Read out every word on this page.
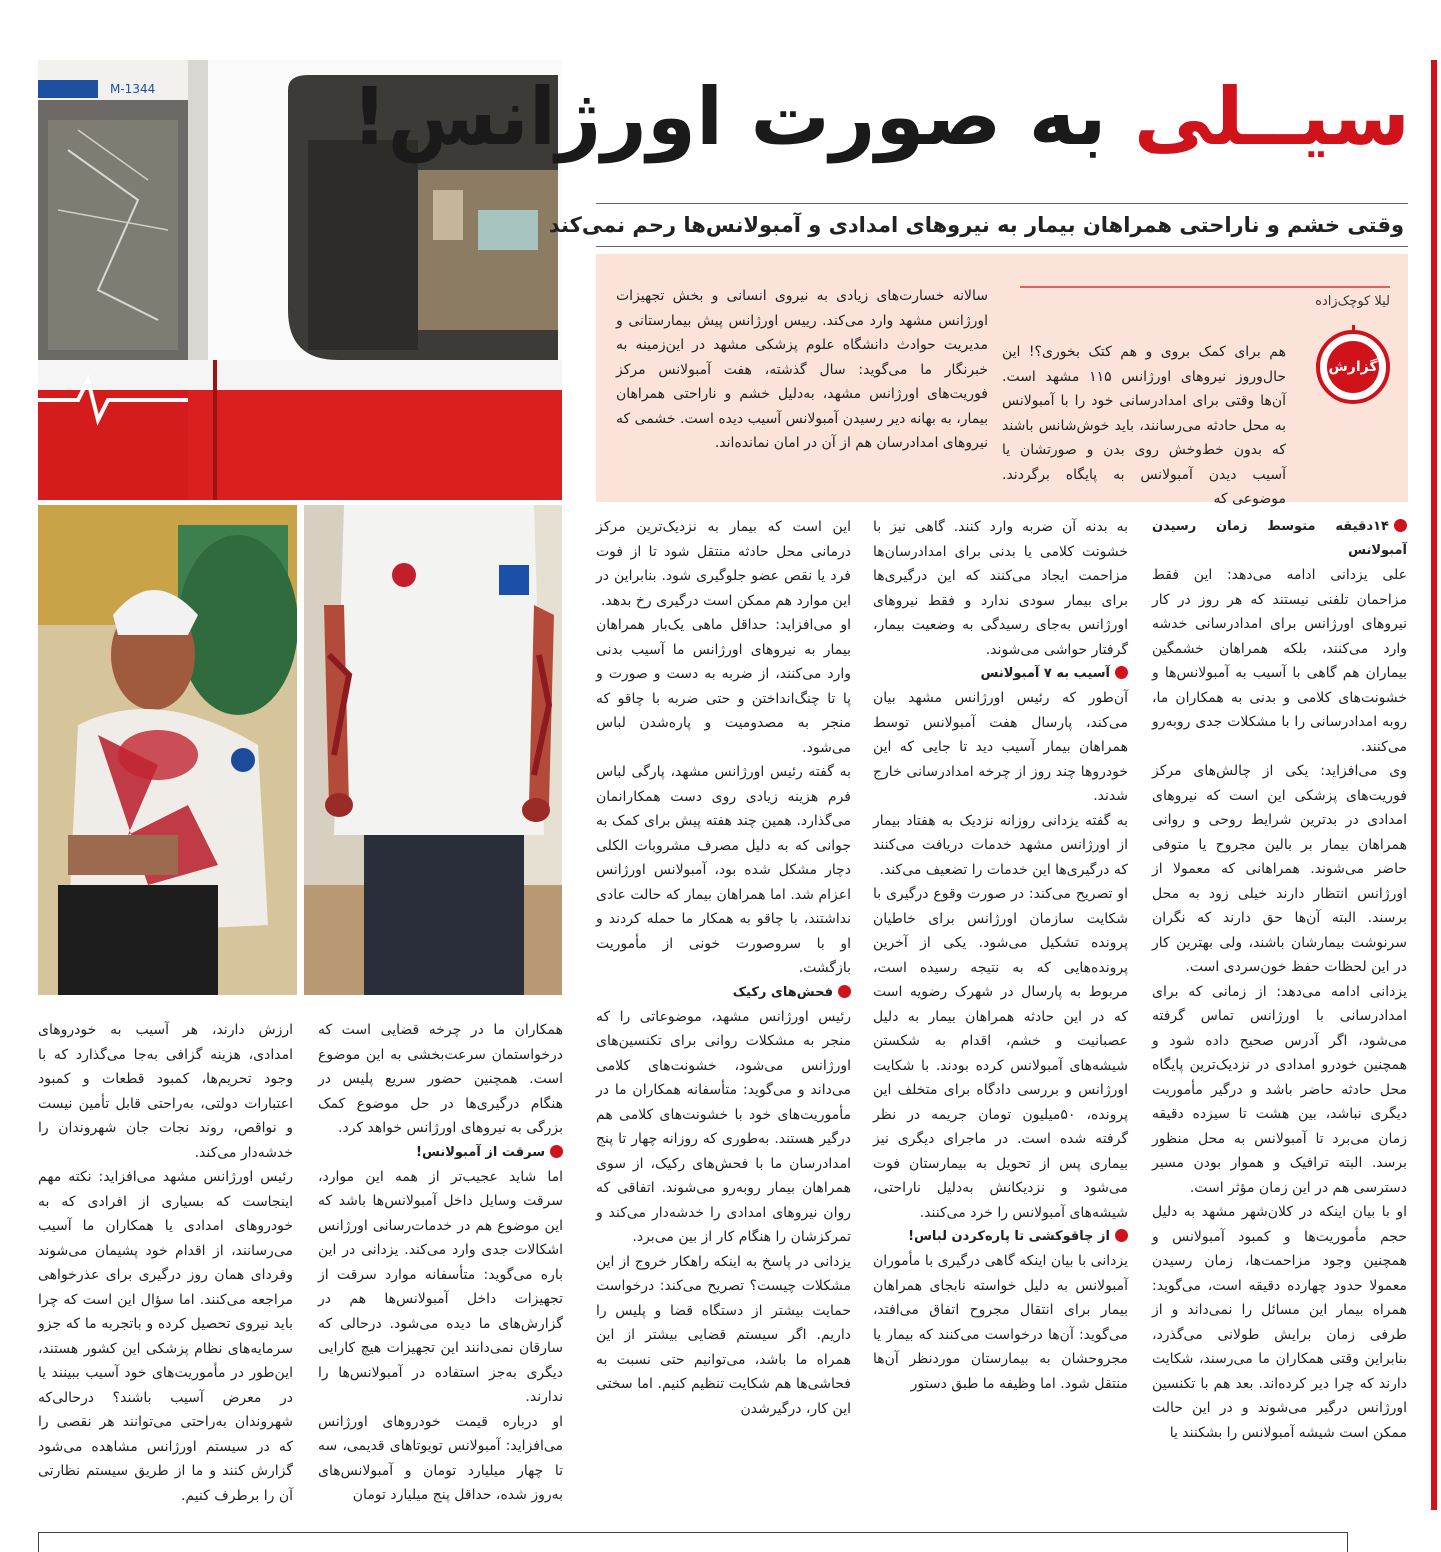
M-1344	سیــلی به صورت اورژانس!
وقتی خشم و ناراحتی همراهان بیمار به نیروهای امدادی و آمبولانس‌ها رحم نمی‌کند
لیلا کوچک‌زاده
گزارش

هم برای کمک بروی و هم کتک بخوری؟! این حال‌وروز نیروهای اورژانس ۱۱۵ مشهد است. آن‌ها وقتی برای امدادرسانی خود را با آمبولانس به محل حادثه می‌رسانند، باید خوش‌شانس باشند که بدون خط‌وخش روی بدن و صورتشان یا آسیب دیدن آمبولانس به پایگاه برگردند. موضوعی که

سالانه خسارت‌های زیادی به نیروی انسانی و بخش تجهیزات اورژانس مشهد وارد می‌کند. رییس اورژانس پیش بیمارستانی و مدیریت حوادث دانشگاه علوم پزشکی مشهد در این‌زمینه به خبرنگار ما می‌گوید: سال گذشته، هفت آمبولانس مرکز فوریت‌های اورژانس مشهد، به‌دلیل خشم و ناراحتی همراهان بیمار، به بهانه دیر رسیدن آمبولانس آسیب دیده است. خشمی که نیروهای امدادرسان هم از آن در امان نمانده‌اند.

۱۴دقیقه متوسط زمان رسیدن آمبولانس

علی یزدانی ادامه می‌دهد: این فقط مزاحمان تلفنی نیستند که هر روز در کار نیروهای اورژانس برای امدادرسانی خدشه وارد می‌کنند، بلکه همراهان خشمگین بیماران هم گاهی با آسیب به آمبولانس‌ها و خشونت‌های کلامی و بدنی به همکاران ما، روبه امدادرسانی را با مشکلات جدی روبه‌رو می‌کنند.

وی می‌افزاید: یکی از چالش‌های مرکز فوریت‌های پزشکی این است که نیروهای امدادی در بدترین شرایط روحی و روانی همراهان بیمار بر بالین مجروح یا متوفی حاضر می‌شوند. همراهانی که معمولا از اورژانس انتظار دارند خیلی زود به محل برسند. البته آن‌ها حق دارند که نگران سرنوشت بیمارشان باشند، ولی بهترین کار در این لحظات حفظ خون‌سردی است.

یزدانی ادامه می‌دهد: از زمانی که برای امدادرسانی با اورژانس تماس گرفته می‌شود، اگر آدرس صحیح داده شود و همچنین خودرو امدادی در نزدیک‌ترین پایگاه محل حادثه حاضر باشد و درگیر مأموریت دیگری نباشد، بین هشت تا سیزده دقیقه زمان می‌برد تا آمبولانس به محل منظور برسد. البته ترافیک و هموار بودن مسیر دسترسی هم در این زمان مؤثر است.

او با بیان اینکه در کلان‌شهر مشهد به دلیل حجم مأموریت‌ها و کمبود آمبولانس و همچنین وجود مزاحمت‌ها، زمان رسیدن معمولا حدود چهارده دقیقه است، می‌گوید: همراه بیمار این مسائل را نمی‌داند و از طرفی زمان برایش طولانی می‌گذرد، بنابراین وقتی همکاران ما می‌رسند، شکایت دارند که چرا دیر کرده‌اند. بعد هم با تکنسین اورژانس درگیر می‌شوند و در این حالت ممکن است شیشه آمبولانس را بشکنند یا

به بدنه آن ضربه وارد کنند. گاهی نیز با خشونت کلامی یا بدنی برای امدادرسان‌ها مزاحمت ایجاد می‌کنند که این درگیری‌ها برای بیمار سودی ندارد و فقط نیروهای اورژانس به‌جای رسیدگی به وضعیت بیمار، گرفتار حواشی می‌شوند.

آسیب به ۷ آمبولانس

آن‌طور که رئیس اورژانس مشهد بیان می‌کند، پارسال هفت آمبولانس توسط همراهان بیمار آسیب دید تا جایی که این خودروها چند روز از چرخه امدادرسانی خارج شدند.

به گفته یزدانی روزانه نزدیک به هفتاد بیمار از اورژانس مشهد خدمات دریافت می‌کنند که درگیری‌ها این خدمات را تضعیف می‌کند.

او تصریح می‌کند: در صورت وقوع درگیری با شکایت سازمان اورژانس برای خاطیان پرونده تشکیل می‌شود. یکی از آخرین پرونده‌هایی که به نتیجه رسیده است، مربوط به پارسال در شهرک رضویه است که در این حادثه همراهان بیمار به دلیل عصبانیت و خشم، اقدام به شکستن شیشه‌های آمبولانس کرده بودند. با شکایت اورژانس و بررسی دادگاه برای متخلف این پرونده، ۵۰میلیون تومان جریمه در نظر گرفته شده است. در ماجرای دیگری نیز بیماری پس از تحویل به بیمارستان فوت می‌شود و نزدیکانش به‌دلیل ناراحتی، شیشه‌های آمبولانس را خرد می‌کنند.

از چاقوکشی تا پاره‌کردن لباس!

یزدانی با بیان اینکه گاهی درگیری با مأموران آمبولانس به دلیل خواسته نابجای همراهان بیمار برای انتقال مجروح اتفاق می‌افتد، می‌گوید: آن‌ها درخواست می‌کنند که بیمار یا مجروحشان به بیمارستان موردنظر آن‌ها منتقل شود. اما وظیفه ما طبق دستور

این است که بیمار به نزدیک‌ترین مرکز درمانی محل حادثه منتقل شود تا از فوت فرد یا نقص عضو جلوگیری شود. بنابراین در این موارد هم ممکن است درگیری رخ بدهد.

او می‌افزاید: حداقل ماهی یک‌بار همراهان بیمار به نیروهای اورژانس ما آسیب بدنی وارد می‌کنند، از ضربه به دست و صورت و پا تا چنگ‌انداختن و حتی ضربه با چاقو که منجر به مصدومیت و پاره‌شدن لباس می‌شود.

به گفته رئیس اورژانس مشهد، پارگی لباس فرم هزینه زیادی روی دست همکارانمان می‌گذارد. همین چند هفته پیش برای کمک به جوانی که به دلیل مصرف مشروبات الکلی دچار مشکل شده بود، آمبولانس اورژانس اعزام شد. اما همراهان بیمار که حالت عادی نداشتند، با چاقو به همکار ما حمله کردند و او با سروصورت خونی از مأموریت بازگشت.

فحش‌های رکیک

رئیس اورژانس مشهد، موضوعاتی را که منجر به مشکلات روانی برای تکنسین‌های اورژانس می‌شود، خشونت‌های کلامی می‌داند و می‌گوید: متأسفانه همکاران ما در مأموریت‌های خود با خشونت‌های کلامی هم درگیر هستند. به‌طوری که روزانه چهار تا پنج امدادرسان ما با فحش‌های رکیک، از سوی همراهان بیمار روبه‌رو می‌شوند. اتفاقی که روان نیروهای امدادی را خدشه‌دار می‌کند و تمرکزشان را هنگام کار از بین می‌برد.

یزدانی در پاسخ به اینکه راهکار خروج از این مشکلات چیست؟ تصریح می‌کند: درخواست حمایت بیشتر از دستگاه قضا و پلیس را داریم. اگر سیستم قضایی بیشتر از این همراه ما باشد، می‌توانیم حتی نسبت به فحاشی‌ها هم شکایت تنظیم کنیم. اما سختی این کار، درگیرشدن

همکاران ما در چرخه قضایی است که درخواستمان سرعت‌بخشی به این موضوع است. همچنین حضور سریع پلیس در هنگام درگیری‌ها در حل موضوع کمک بزرگی به نیروهای اورژانس خواهد کرد.

سرقت از آمبولانس!

اما شاید عجیب‌تر از همه این موارد، سرقت وسایل داخل آمبولانس‌ها باشد که این موضوع هم در خدمات‌رسانی اورژانس اشکالات جدی وارد می‌کند. یزدانی در این باره می‌گوید: متأسفانه موارد سرقت از تجهیزات داخل آمبولانس‌ها هم در گزارش‌های ما دیده می‌شود. درحالی که سارقان نمی‌دانند این تجهیزات هیچ کارایی دیگری به‌جز استفاده در آمبولانس‌ها را ندارند.

او درباره قیمت خودروهای اورژانس می‌افزاید: آمبولانس تویوتاهای قدیمی، سه تا چهار میلیارد تومان و آمبولانس‌های به‌روز شده، حداقل پنج میلیارد تومان

ارزش دارند، هر آسیب به خودروهای امدادی، هزینه گزافی به‌جا می‌گذارد که با وجود تحریم‌ها، کمبود قطعات و کمبود اعتبارات دولتی، به‌راحتی قابل تأمین نیست و نواقص، روند نجات جان شهروندان را خدشه‌دار می‌کند.

رئیس اورژانس مشهد می‌افزاید: نکته مهم اینجاست که بسیاری از افرادی که به خودروهای امدادی یا همکاران ما آسیب می‌رسانند، از اقدام خود پشیمان می‌شوند وفردای همان روز درگیری برای عذرخواهی مراجعه می‌کنند. اما سؤال این است که چرا باید نیروی تحصیل کرده و باتجربه ما که جزو سرمایه‌های نظام پزشکی این کشور هستند، این‌طور در مأموریت‌های خود آسیب ببینند یا در معرض آسیب باشند؟ درحالی‌که شهروندان به‌راحتی می‌توانند هر نقصی را که در سیستم اورژانس مشاهده می‌شود گزارش کنند و ما از طریق سیستم نظارتی آن را برطرف کنیم.
